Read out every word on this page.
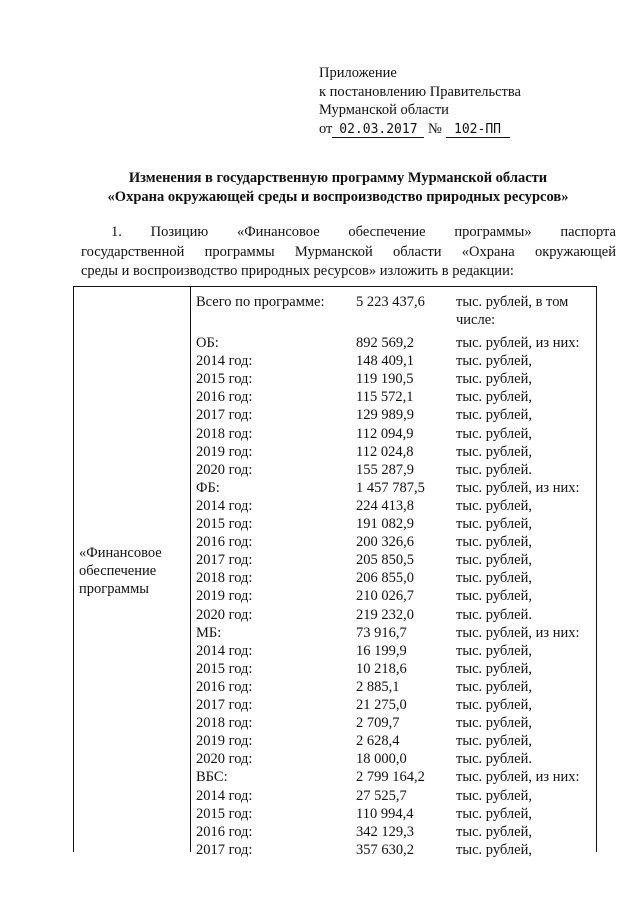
Приложение
к постановлению Правительства
Мурманской области
от 02.03.2017 № 102-ПП
Изменения в государственную программу Мурманской области
«Охрана окружающей среды и воспроизводство природных ресурсов»
1. Позицию «Финансовое обеспечение программы» паспорта
государственной программы Мурманской области «Охрана окружающей
среды и воспроизводство природных ресурсов» изложить в редакции:
«Финансовое
обеспечение
программы
Всего по программе: 5 223 437,6 тыс. рублей, в том
числе:
ОБ:	892 569,2	тыс. рублей, из них:
2014 год:	148 409,1	тыс. рублей,
2015 год:	119 190,5	тыс. рублей,
2016 год:	115 572,1	тыс. рублей,
2017 год:	129 989,9	тыс. рублей,
2018 год:	112 094,9	тыс. рублей,
2019 год:	112 024,8	тыс. рублей,
2020 год:	155 287,9	тыс. рублей.
ФБ:	1 457 787,5 тыс. рублей, из них:
2014 год:	224 413,8	тыс. рублей,
2015 год:	191 082,9	тыс. рублей,
2016 год:	200 326,6	тыс. рублей,
2017 год:	205 850,5	тыс. рублей,
2018 год:	206 855,0	тыс. рублей,
2019 год:	210 026,7	тыс. рублей,
2020 год:	219 232,0	тыс. рублей.
МБ:	73 916,7	тыс. рублей, из них:
2014 год:	16 199,9	тыс. рублей,
2015 год:	10 218,6	тыс. рублей,
2016 год:	2 885,1	тыс. рублей,
2017 год:	21 275,0	тыс. рублей,
2018 год:	2 709,7	тыс. рублей,
2019 год:	2 628,4	тыс. рублей,
2020 год:	18 000,0	тыс. рублей.
ВБС:	2 799 164,2 тыс. рублей, из них:
2014 год:	27 525,7	тыс. рублей,
2015 год:	110 994,4	тыс. рублей,
2016 год:	342 129,3	тыс. рублей,
2017 год:	357 630,2	тыс. рублей,
